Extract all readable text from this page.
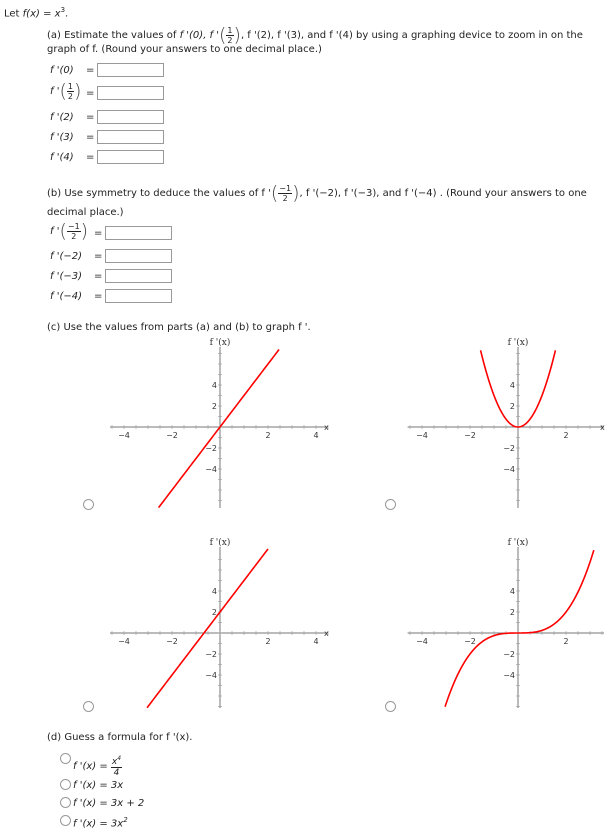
Let $f(x) = x^3$.
(a) Estimate the values of f '(0), f '( $\frac{1}{2}$ ), f '(2), f '(3), and f '(4) by using a graphing device to zoom in on the
graph of f. (Round your answers to one decimal place.)
f '(0) =
f '( $\frac{1}{2}$ ) =
f '(2) =
f '(3) =
f '(4) =
(b) Use symmetry to deduce the values of f '( $\frac{-1}{2}$ ), f '(−2), f '(−3), and f '(−4) . (Round your answers to one
decimal place.)
f '( $\frac{-1}{2}$ ) =
f '(−2) =
f '(−3) =
f '(−4) =
(c) Use the values from parts (a) and (b) to graph f '.
−4	−2	2	4
4
2
−2
−4
f '(x)
x
−4	−2	2
4
2
−2
−4
f '(x)
x
−4	−2	2	4
4
2
−2
−4
f '(x)
x
−4	−2	2
4
2
−2
−4
f '(x)
(d) Guess a formula for f '(x).
f '$(x) = \frac{x^4}{4}$
f '(x) = 3x
f '(x) = 3x + 2
f '$(x) = 3x^2$
